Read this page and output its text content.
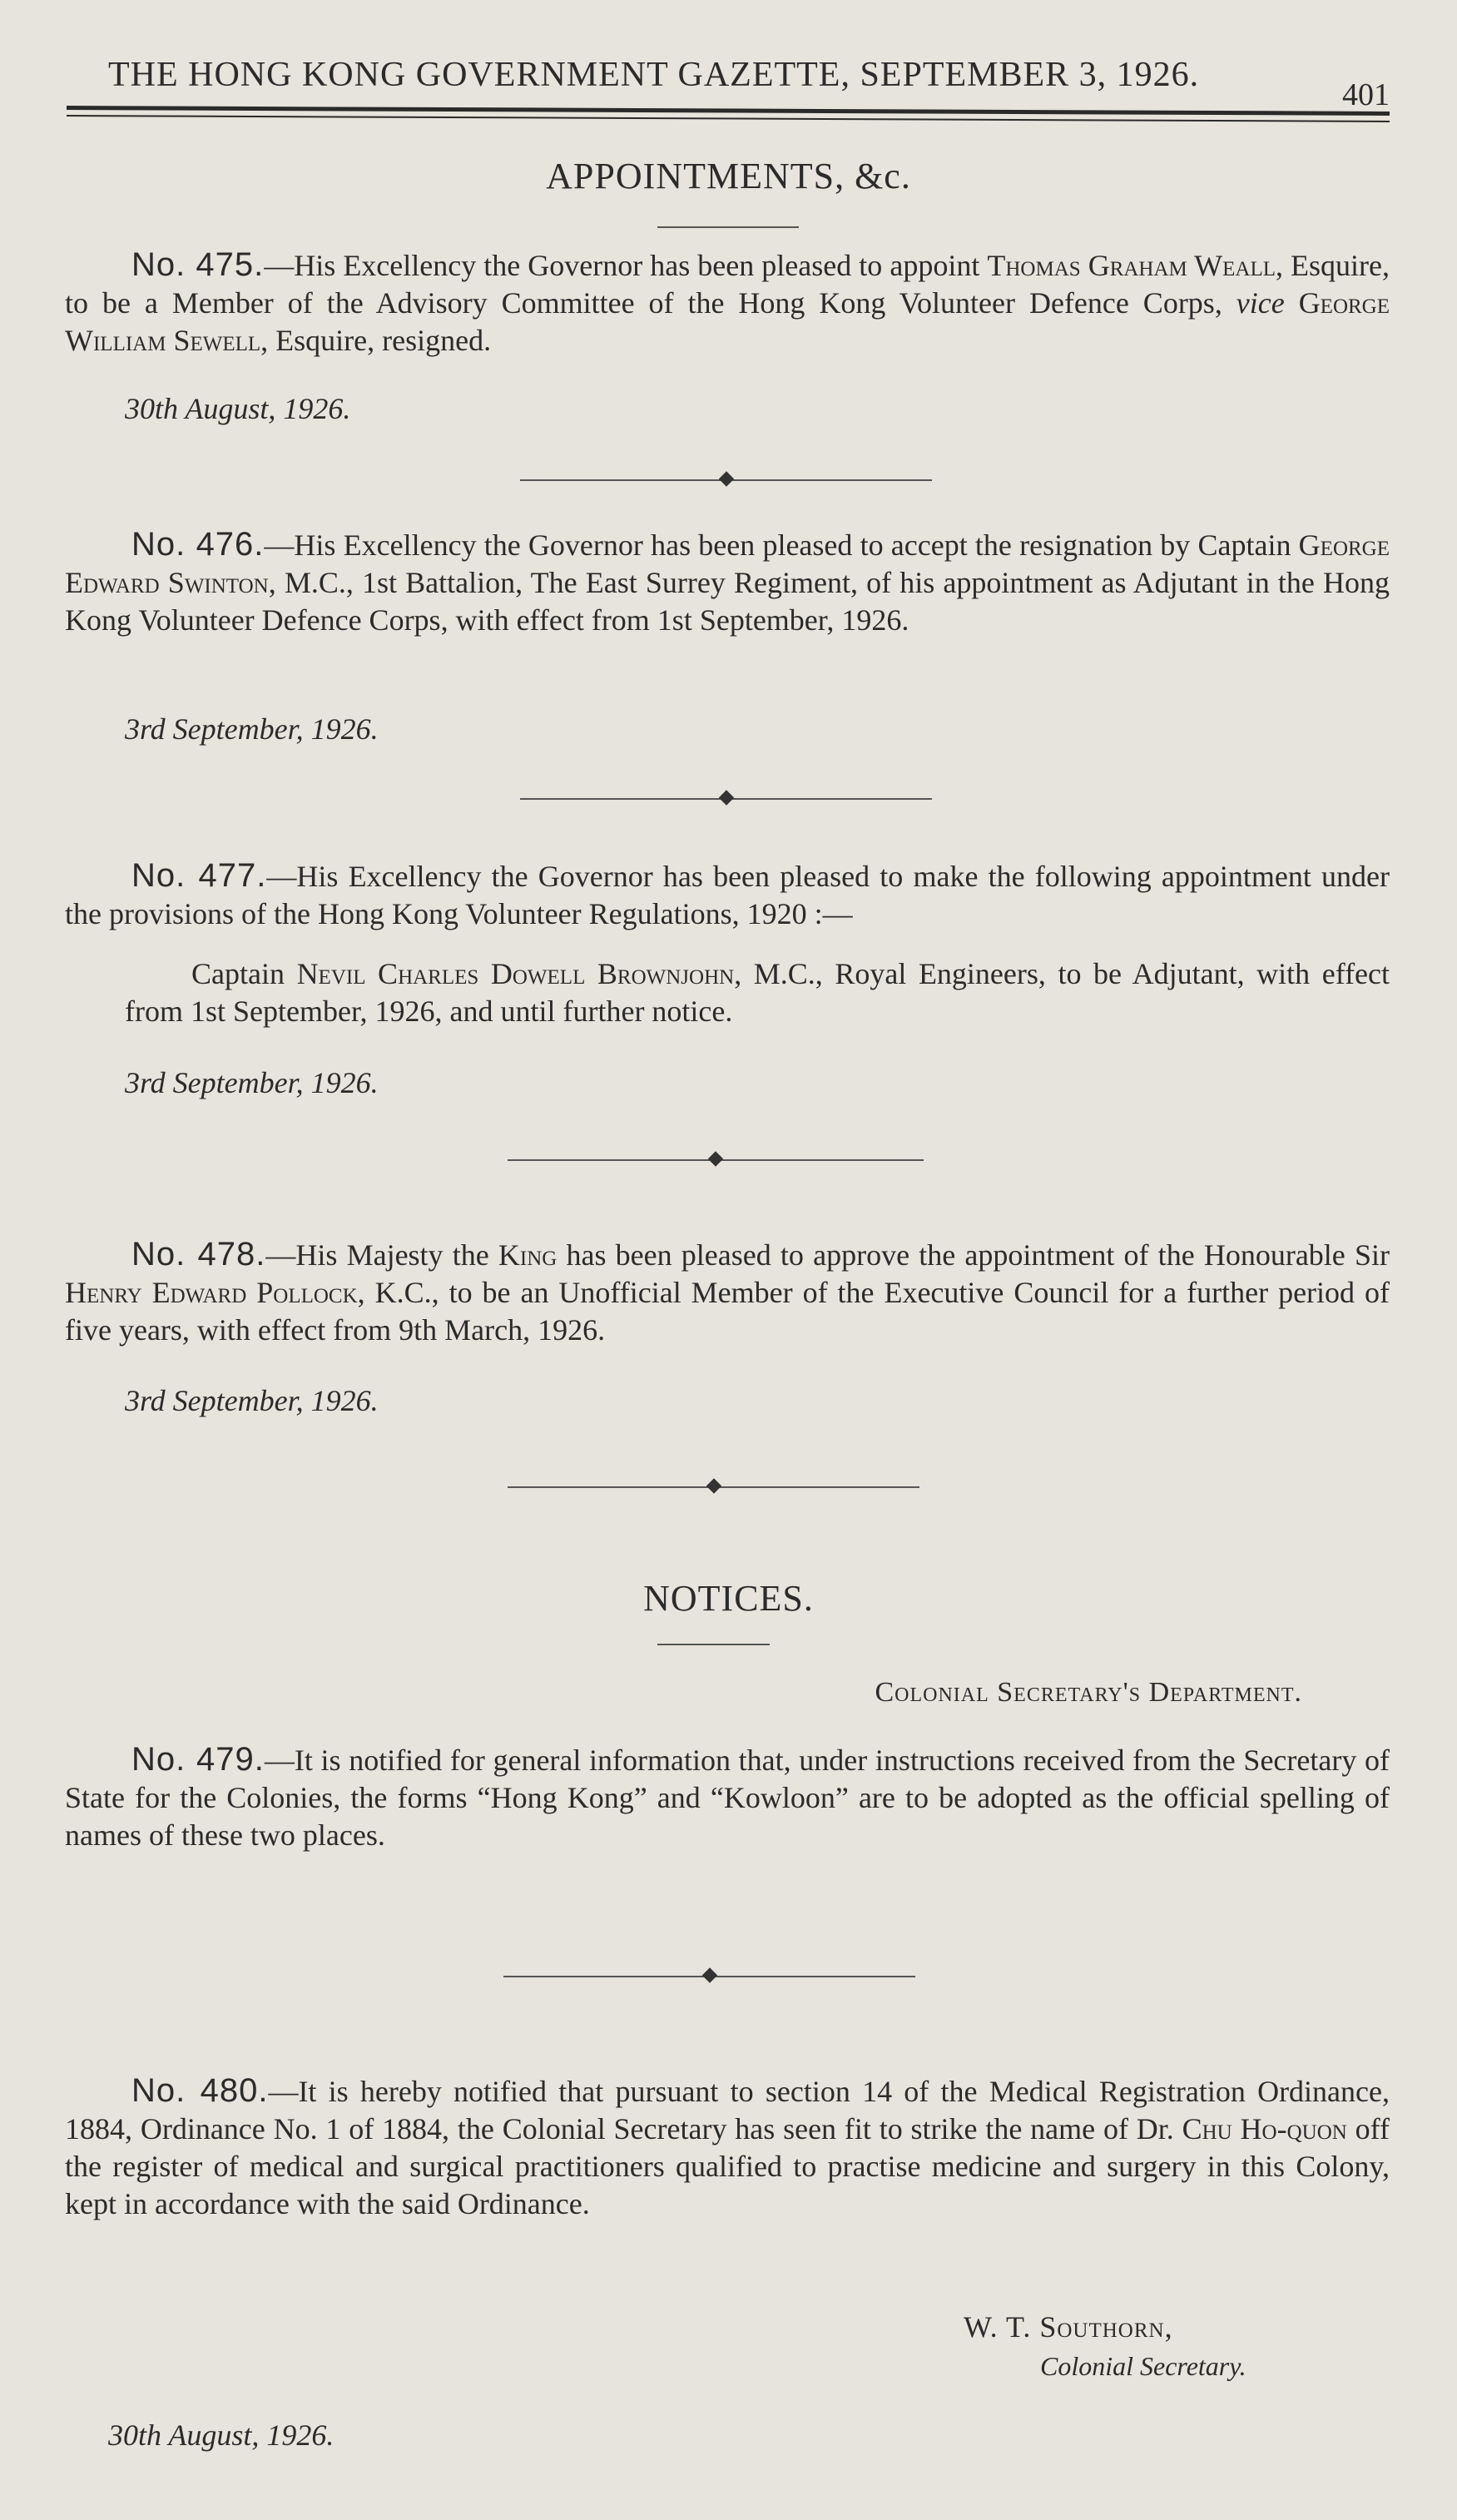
THE HONG KONG GOVERNMENT GAZETTE, SEPTEMBER 3, 1926.
401
APPOINTMENTS, &c.
No. 475.—His Excellency the Governor has been pleased to appoint Thomas Graham Weall, Esquire, to be a Member of the Advisory Committee of the Hong Kong Volunteer Defence Corps, vice George William Sewell, Esquire, resigned.
30th August, 1926.
No. 476.—His Excellency the Governor has been pleased to accept the resignation by Captain George Edward Swinton, M.C., 1st Battalion, The East Surrey Regiment, of his appointment as Adjutant in the Hong Kong Volunteer Defence Corps, with effect from 1st September, 1926.
3rd September, 1926.
No. 477.—His Excellency the Governor has been pleased to make the following appointment under the provisions of the Hong Kong Volunteer Regulations, 1920 :—
Captain Nevil Charles Dowell Brownjohn, M.C., Royal Engineers, to be Adjutant, with effect from 1st September, 1926, and until further notice.
3rd September, 1926.
No. 478.—His Majesty the King has been pleased to approve the appointment of the Honourable Sir Henry Edward Pollock, K.C., to be an Unofficial Member of the Executive Council for a further period of five years, with effect from 9th March, 1926.
3rd September, 1926.
NOTICES.
Colonial Secretary's Department.
No. 479.—It is notified for general information that, under instructions received from the Secretary of State for the Colonies, the forms “Hong Kong” and “Kowloon” are to be adopted as the official spelling of names of these two places.
No. 480.—It is hereby notified that pursuant to section 14 of the Medical Registration Ordinance, 1884, Ordinance No. 1 of 1884, the Colonial Secretary has seen fit to strike the name of Dr. Chu Ho-quon off the register of medical and surgical practitioners qualified to practise medicine and surgery in this Colony, kept in accordance with the said Ordinance.
W. T. Southorn,
Colonial Secretary.
30th August, 1926.
